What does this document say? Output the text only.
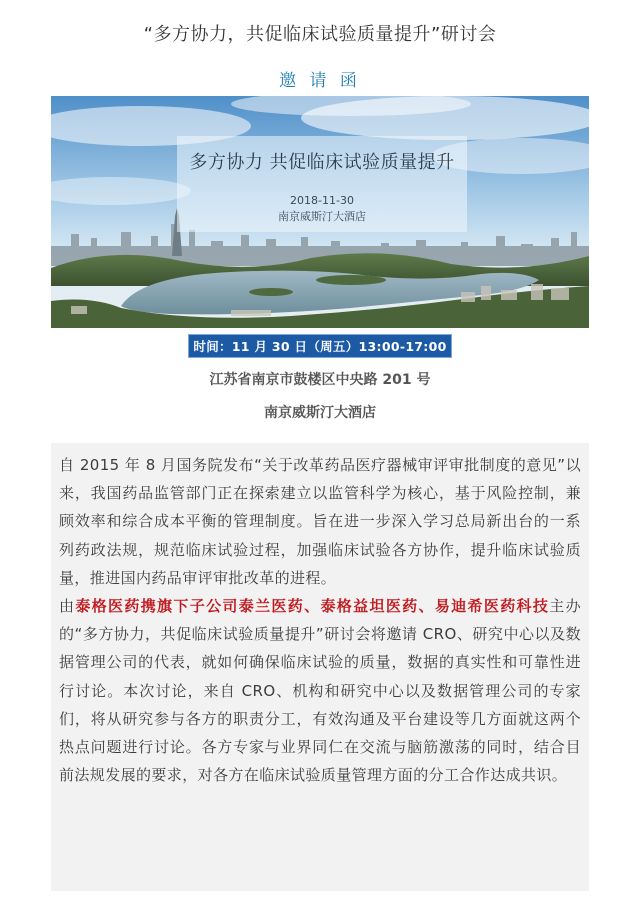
“多方协力，共促临床试验质量提升”研讨会
邀 请 函
多方协力 共促临床试验质量提升
2018-11-30
南京威斯汀大酒店
时间：11 月 30 日（周五）13:00-17:00
江苏省南京市鼓楼区中央路 201 号
南京威斯汀大酒店

自 2015 年 8 月国务院发布“关于改革药品医疗器械审评审批制度的意见”以来，我国药品监管部门正在探索建立以监管科学为核心，基于风险控制，兼顾效率和综合成本平衡的管理制度。旨在进一步深入学习总局新出台的一系列药政法规，规范临床试验过程，加强临床试验各方协作，提升临床试验质量，推进国内药品审评审批改革的进程。

由泰格医药携旗下子公司泰兰医药、泰格益坦医药、易迪希医药科技主办的“多方协力，共促临床试验质量提升”研讨会将邀请 CRO、研究中心以及数据管理公司的代表，就如何确保临床试验的质量，数据的真实性和可靠性进行讨论。本次讨论，来自 CRO、机构和研究中心以及数据管理公司的专家们，将从研究参与各方的职责分工，有效沟通及平台建设等几方面就这两个热点问题进行讨论。各方专家与业界同仁在交流与脑筋激荡的同时，结合目前法规发展的要求，对各方在临床试验质量管理方面的分工合作达成共识。
